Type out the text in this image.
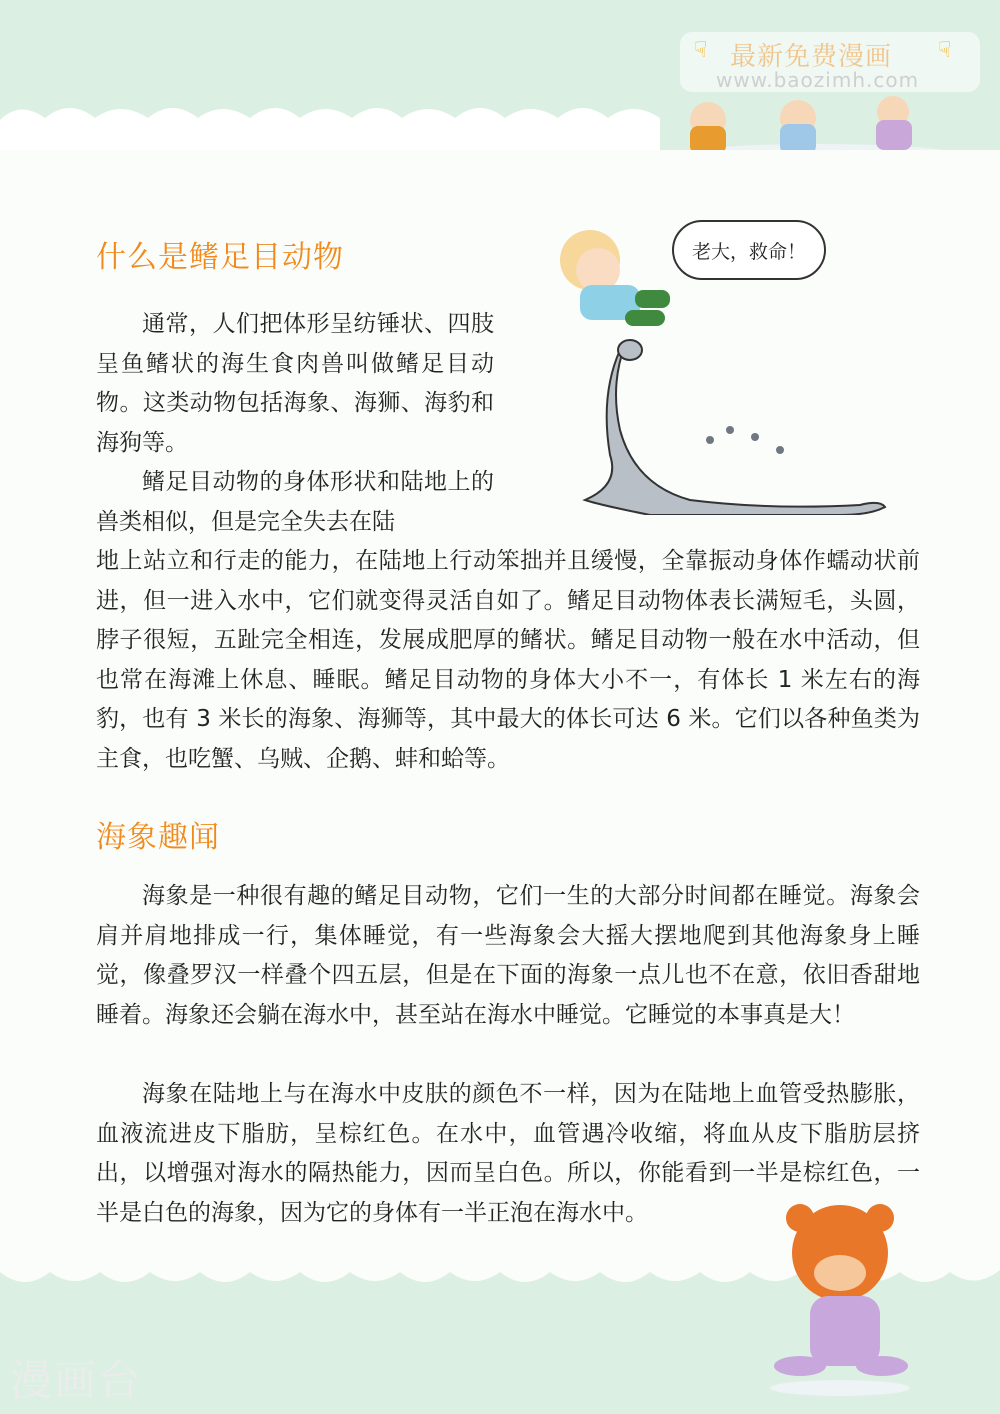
☟ 最新免费漫画 ☟
www.baozimh.com
什么是鳍足目动物

通常，人们把体形呈纺锤状、四肢呈鱼鳍状的海生食肉兽叫做鳍足目动物。这类动物包括海象、海狮、海豹和海狗等。

鳍足目动物的身体形状和陆地上的兽类相似，但是完全失去在陆

地上站立和行走的能力，在陆地上行动笨拙并且缓慢，全靠振动身体作蠕动状前进，但一进入水中，它们就变得灵活自如了。鳍足目动物体表长满短毛，头圆，脖子很短，五趾完全相连，发展成肥厚的鳍状。鳍足目动物一般在水中活动，但也常在海滩上休息、睡眠。鳍足目动物的身体大小不一，有体长 1 米左右的海豹，也有 3 米长的海象、海狮等，其中最大的体长可达 6 米。它们以各种鱼类为主食，也吃蟹、乌贼、企鹅、蚌和蛤等。

老大，救命！
海象趣闻

海象是一种很有趣的鳍足目动物，它们一生的大部分时间都在睡觉。海象会肩并肩地排成一行，集体睡觉，有一些海象会大摇大摆地爬到其他海象身上睡觉，像叠罗汉一样叠个四五层，但是在下面的海象一点儿也不在意，依旧香甜地睡着。海象还会躺在海水中，甚至站在海水中睡觉。它睡觉的本事真是大！

海象在陆地上与在海水中皮肤的颜色不一样，因为在陆地上血管受热膨胀，血液流进皮下脂肪，呈棕红色。在水中，血管遇冷收缩，将血从皮下脂肪层挤出，以增强对海水的隔热能力，因而呈白色。所以，你能看到一半是棕红色，一半是白色的海象，因为它的身体有一半正泡在海水中。

漫画台
